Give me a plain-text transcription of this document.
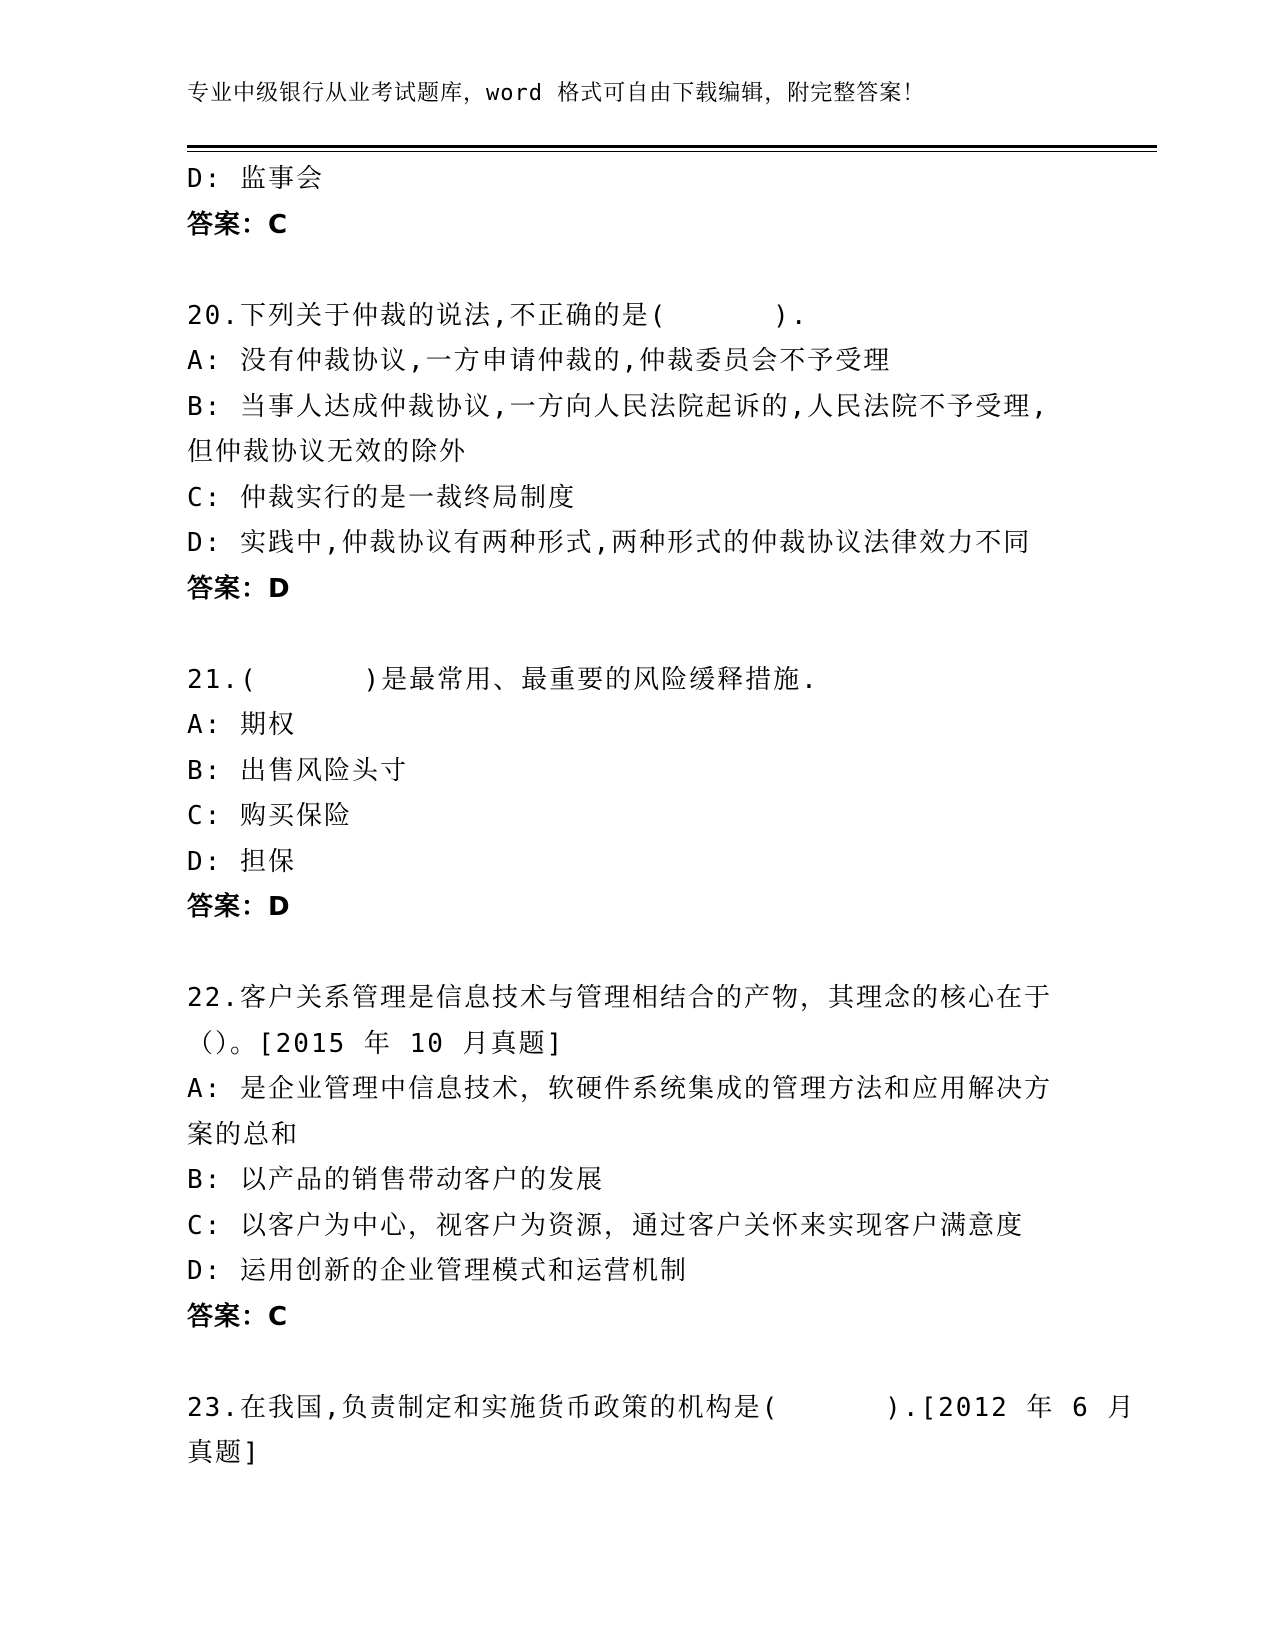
专业中级银行从业考试题库，word 格式可自由下载编辑，附完整答案！
D: 监事会
答案：C
20.下列关于仲裁的说法,不正确的是(      ).
A: 没有仲裁协议,一方申请仲裁的,仲裁委员会不予受理
B: 当事人达成仲裁协议,一方向人民法院起诉的,人民法院不予受理,
但仲裁协议无效的除外
C: 仲裁实行的是一裁终局制度
D: 实践中,仲裁协议有两种形式,两种形式的仲裁协议法律效力不同
答案：D
21.(      )是最常用、最重要的风险缓释措施.
A: 期权
B: 出售风险头寸
C: 购买保险
D: 担保
答案：D
22.客户关系管理是信息技术与管理相结合的产物，其理念的核心在于
（）。[2015 年 10 月真题]
A: 是企业管理中信息技术，软硬件系统集成的管理方法和应用解决方
案的总和
B: 以产品的销售带动客户的发展
C: 以客户为中心，视客户为资源，通过客户关怀来实现客户满意度
D: 运用创新的企业管理模式和运营机制
答案：C
23.在我国,负责制定和实施货币政策的机构是(      ).[2012 年 6 月
真题]
